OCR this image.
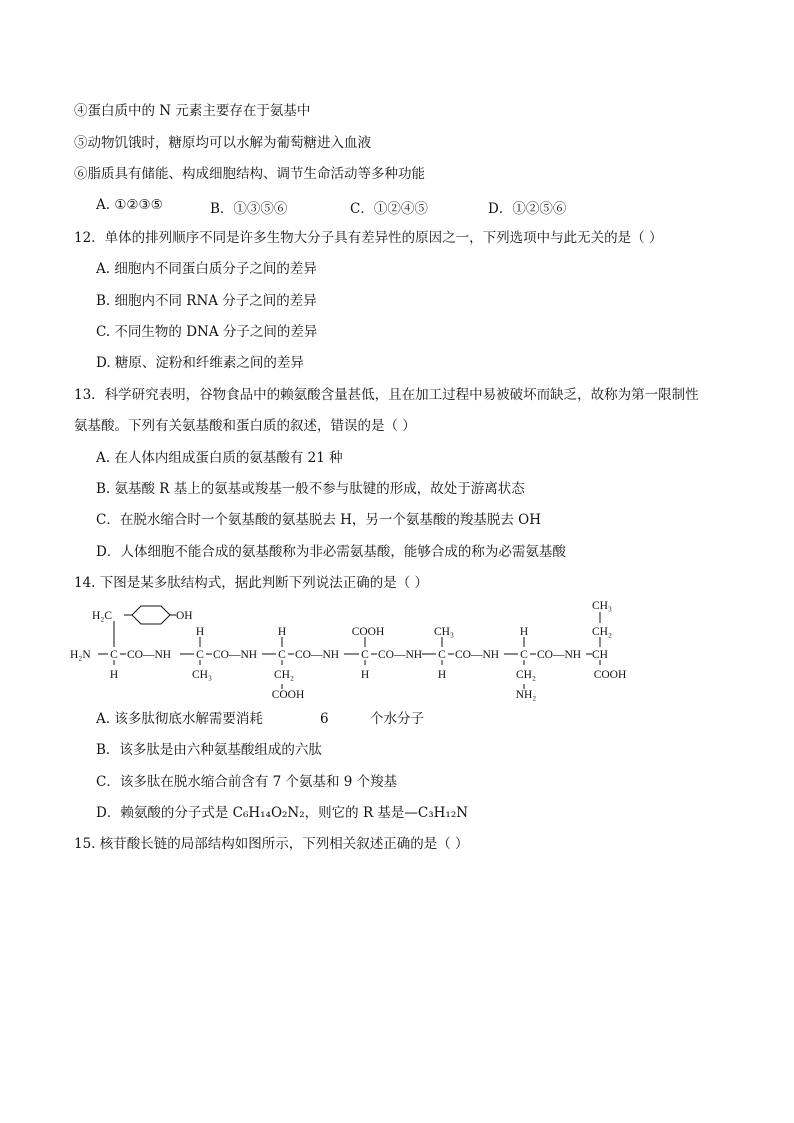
④蛋白质中的 N 元素主要存在于氨基中
⑤动物饥饿时，糖原均可以水解为葡萄糖进入血液
⑥脂质具有储能、构成细胞结构、调节生命活动等多种功能
A. ①②③⑤	B．①③⑤⑥	C．①②④⑤	D．①②⑤⑥
12．单体的排列顺序不同是许多生物大分子具有差异性的原因之一，下列选项中与此无关的是（ ）
A. 细胞内不同蛋白质分子之间的差异
B. 细胞内不同 RNA 分子之间的差异
C. 不同生物的 DNA 分子之间的差异
D. 糖原、淀粉和纤维素之间的差异
13．科学研究表明，谷物食品中的赖氨酸含量甚低，且在加工过程中易被破坏而缺乏，故称为第一限制性
氨基酸。下列有关氨基酸和蛋白质的叙述，错误的是（ ）
A. 在人体内组成蛋白质的氨基酸有 21 种
B. 氨基酸 R 基上的氨基或羧基一般不参与肽键的形成，故处于游离状态
C．在脱水缩合时一个氨基酸的氨基脱去 H，另一个氨基酸的羧基脱去 OH
D．人体细胞不能合成的氨基酸称为非必需氨基酸，能够合成的称为必需氨基酸
14. 下图是某多肽结构式，据此判断下列说法正确的是（ ）
H₂C	OH
H₂N C
H
CO—NH
H
C
CH₃
CO—NH
H
C
CH₂
COOH
CO—NH
COOH
C
H
CO—NH
CH₃
C
H
CO—NH
H
C
CH₂
NH₂
CO—NH
CH₃
CH₂
CH
COOH
A. 该多肽彻底水解需要消耗	6	个水分子
B．该多肽是由六种氨基酸组成的六肽
C．该多肽在脱水缩合前含有 7 个氨基和 9 个羧基
D．赖氨酸的分子式是 C₆H₁₄O₂N₂，则它的 R 基是—C₃H₁₂N
15. 核苷酸长链的局部结构如图所示，下列相关叙述正确的是（ ）
